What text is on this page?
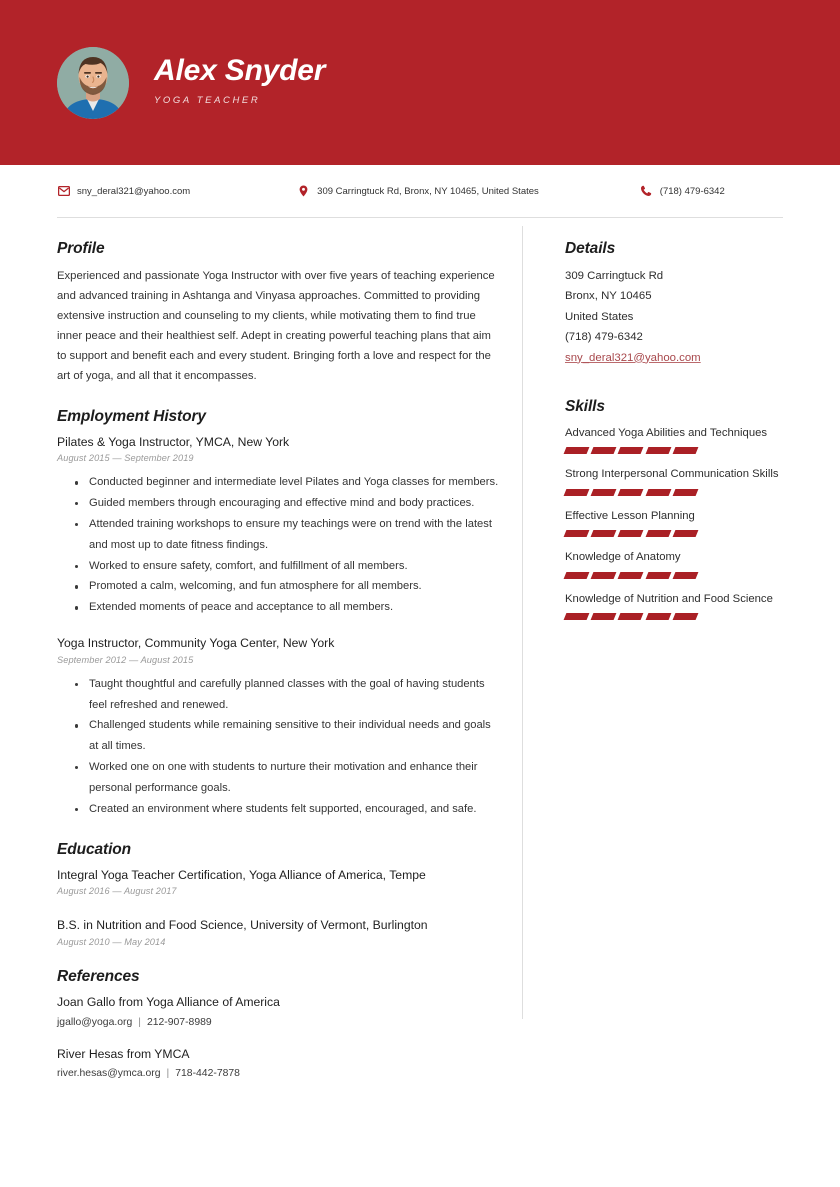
Alex Snyder
YOGA TEACHER
sny_deral321@yahoo.com	309 Carringtuck Rd, Bronx, NY 10465, United States	(718) 479-6342
Profile

Experienced and passionate Yoga Instructor with over five years of teaching experience and advanced training in Ashtanga and Vinyasa approaches. Committed to providing extensive instruction and counseling to my clients, while motivating them to find true inner peace and their healthiest self. Adept in creating powerful teaching plans that aim to support and benefit each and every student. Bringing forth a love and respect for the art of yoga, and all that it encompasses.

Employment History
Pilates & Yoga Instructor, YMCA, New York
August 2015 — September 2019
Conducted beginner and intermediate level Pilates and Yoga classes for members.
Guided members through encouraging and effective mind and body practices.
Attended training workshops to ensure my teachings were on trend with the latest and most up to date fitness findings.
Worked to ensure safety, comfort, and fulfillment of all members.
Promoted a calm, welcoming, and fun atmosphere for all members.
Extended moments of peace and acceptance to all members.
Yoga Instructor, Community Yoga Center, New York
September 2012 — August 2015
Taught thoughtful and carefully planned classes with the goal of having students feel refreshed and renewed.
Challenged students while remaining sensitive to their individual needs and goals at all times.
Worked one on one with students to nurture their motivation and enhance their personal performance goals.
Created an environment where students felt supported, encouraged, and safe.
Education
Integral Yoga Teacher Certification, Yoga Alliance of America, Tempe
August 2016 — August 2017
B.S. in Nutrition and Food Science, University of Vermont, Burlington
August 2010 — May 2014
References
Joan Gallo from Yoga Alliance of America
jgallo@yoga.org | 212-907-8989
River Hesas from YMCA
river.hesas@ymca.org | 718-442-7878
Details
309 Carringtuck Rd
Bronx, NY 10465
United States
(718) 479-6342
sny_deral321@yahoo.com
Skills
Advanced Yoga Abilities and Techniques
Strong Interpersonal Communication Skills
Effective Lesson Planning
Knowledge of Anatomy
Knowledge of Nutrition and Food Science
